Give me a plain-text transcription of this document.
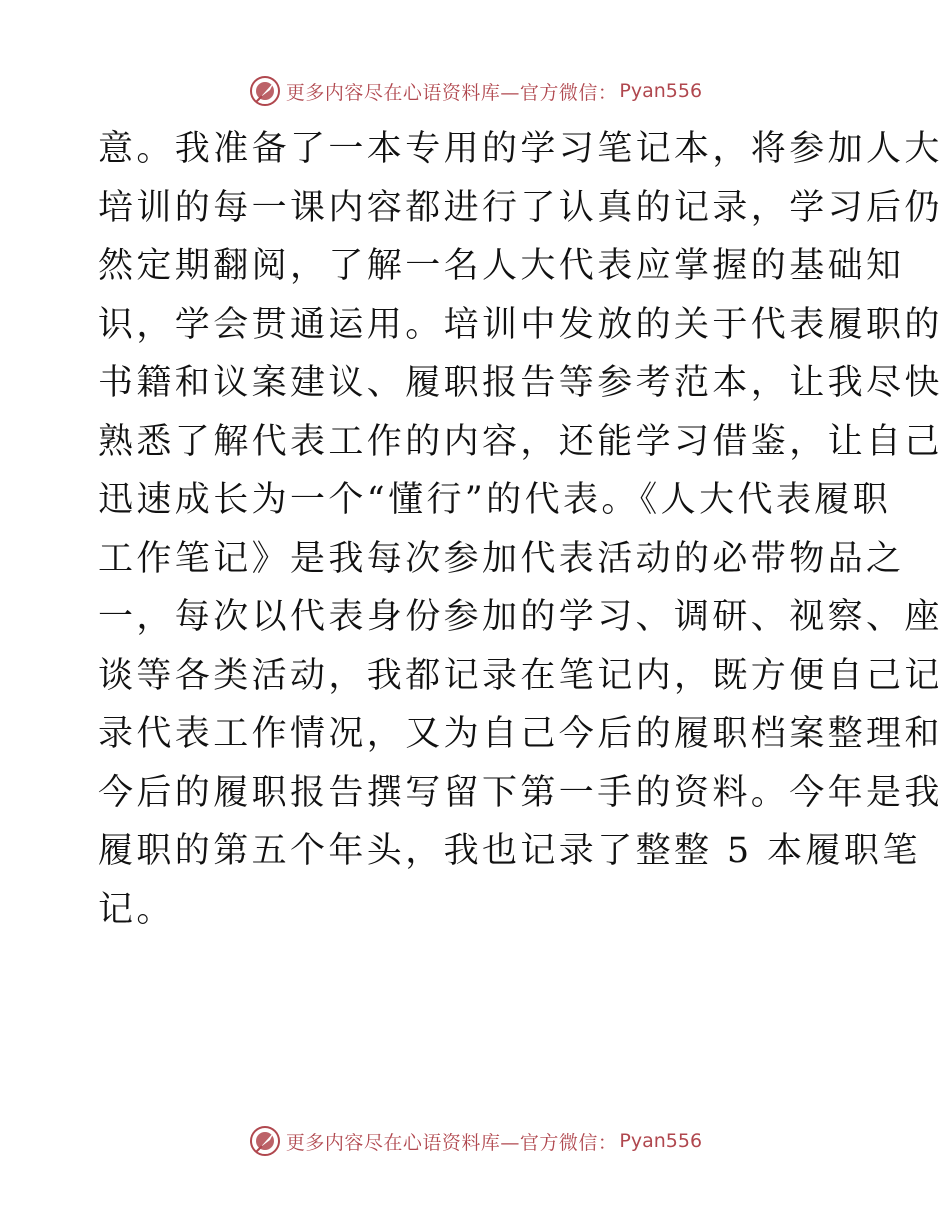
更多内容尽在心语资料库—官方微信： Pyan556
意。我准备了一本专用的学习笔记本，将参加人大
培训的每一课内容都进行了认真的记录，学习后仍
然定期翻阅，了解一名人大代表应掌握的基础知
识，学会贯通运用。培训中发放的关于代表履职的
书籍和议案建议、履职报告等参考范本，让我尽快
熟悉了解代表工作的内容，还能学习借鉴，让自己
迅速成长为一个“懂行”的代表。《人大代表履职
工作笔记》是我每次参加代表活动的必带物品之
一，每次以代表身份参加的学习、调研、视察、座
谈等各类活动，我都记录在笔记内，既方便自己记
录代表工作情况，又为自己今后的履职档案整理和
今后的履职报告撰写留下第一手的资料。今年是我
履职的第五个年头，我也记录了整整 5 本履职笔
记。
更多内容尽在心语资料库—官方微信： Pyan556
